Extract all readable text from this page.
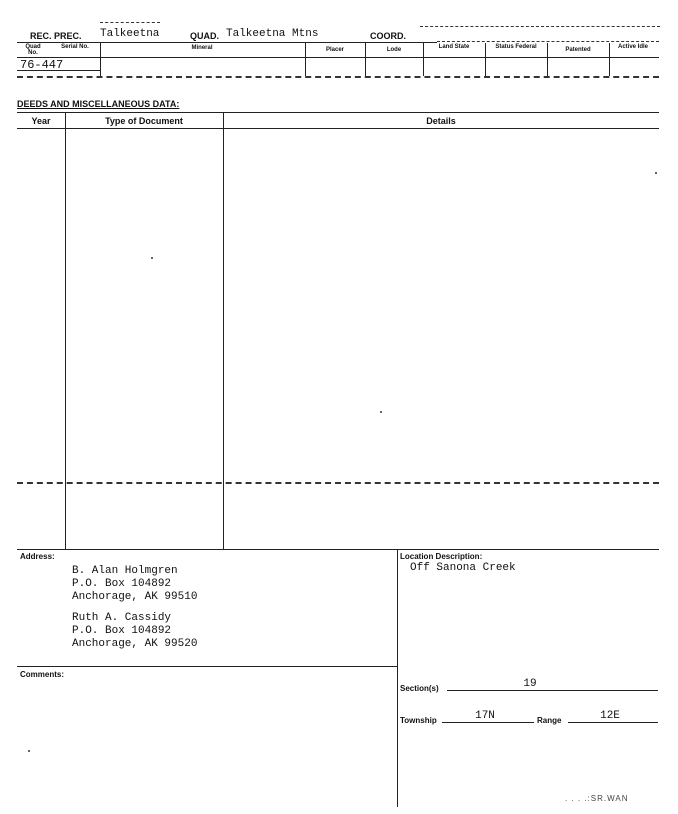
REC. PREC. Talkeetna	QUAD. Talkeetna Mtns	COORD.
Quad No.
Serial No.	Mineral	Placer	Lode	Land State	Status Federal	Patented	Active Idle
76-447
DEEDS AND MISCELLANEOUS DATA:
Year	Type of Document	Details
Address:
B. Alan Holmgren
P.O. Box 104892
Anchorage, AK 99510
Ruth A. Cassidy
P.O. Box 104892
Anchorage, AK 99520
Location Description:
Off Sanona Creek
Comments:
Section(s)	19
Township	17N	Range	12E
. . . .:SR.WAN
